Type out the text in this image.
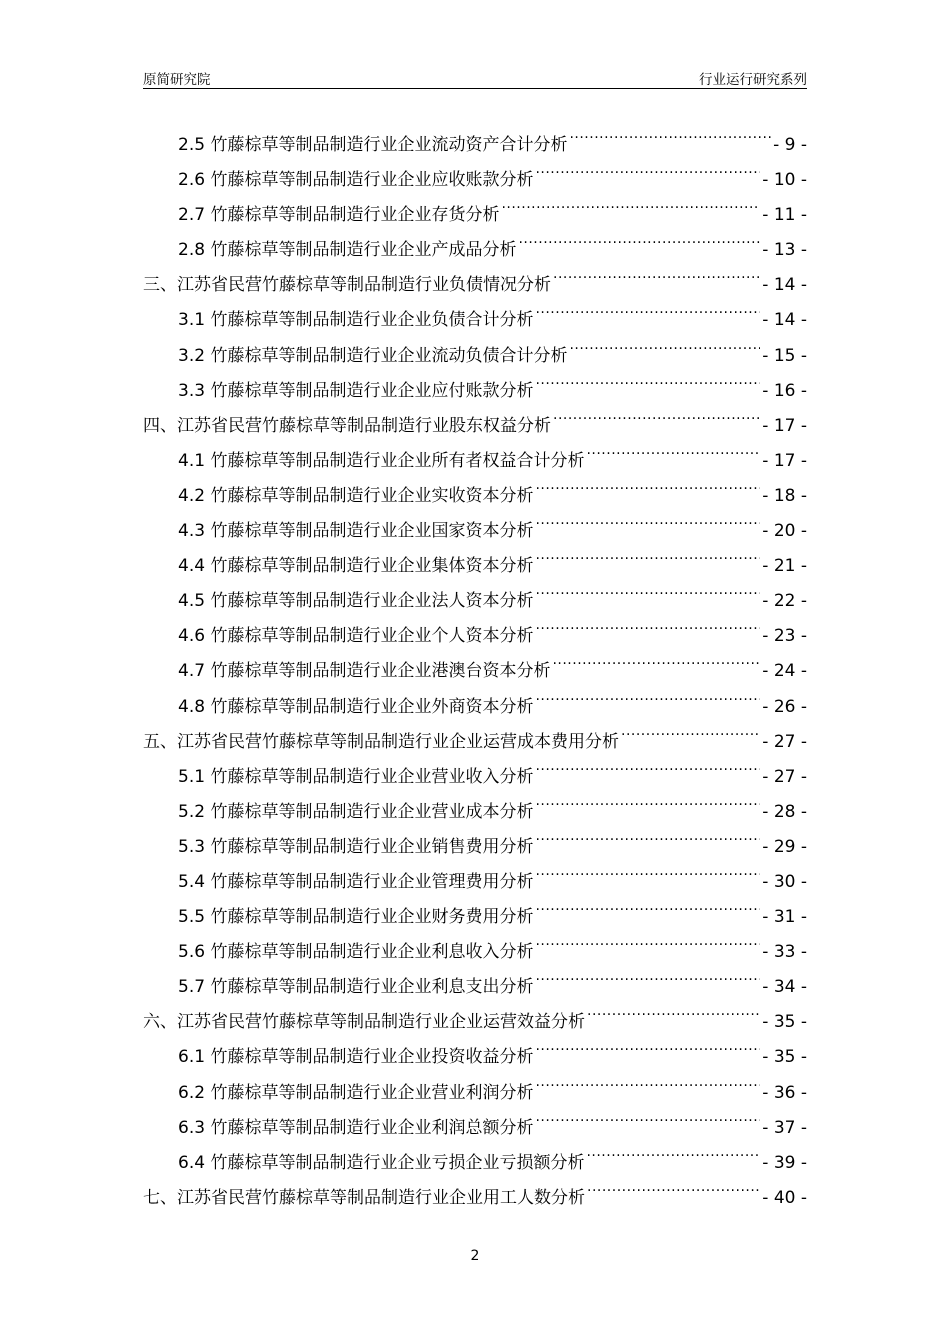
原简研究院	行业运行研究系列
2.5 竹藤棕草等制品制造行业企业流动资产合计分析 .....	- 9 -
2.6 竹藤棕草等制品制造行业企业应收账款分析 .....	- 10 -
2.7 竹藤棕草等制品制造行业企业存货分析 .....	- 11 -
2.8 竹藤棕草等制品制造行业企业产成品分析 .....	- 13 -
三、江苏省民营竹藤棕草等制品制造行业负债情况分析 .....	- 14 -
3.1 竹藤棕草等制品制造行业企业负债合计分析 .....	- 14 -
3.2 竹藤棕草等制品制造行业企业流动负债合计分析 .....	- 15 -
3.3 竹藤棕草等制品制造行业企业应付账款分析 .....	- 16 -
四、江苏省民营竹藤棕草等制品制造行业股东权益分析 .....	- 17 -
4.1 竹藤棕草等制品制造行业企业所有者权益合计分析 .....	- 17 -
4.2 竹藤棕草等制品制造行业企业实收资本分析 .....	- 18 -
4.3 竹藤棕草等制品制造行业企业国家资本分析 .....	- 20 -
4.4 竹藤棕草等制品制造行业企业集体资本分析 .....	- 21 -
4.5 竹藤棕草等制品制造行业企业法人资本分析 .....	- 22 -
4.6 竹藤棕草等制品制造行业企业个人资本分析 .....	- 23 -
4.7 竹藤棕草等制品制造行业企业港澳台资本分析 .....	- 24 -
4.8 竹藤棕草等制品制造行业企业外商资本分析 .....	- 26 -
五、江苏省民营竹藤棕草等制品制造行业企业运营成本费用分析 .....	- 27 -
5.1 竹藤棕草等制品制造行业企业营业收入分析 .....	- 27 -
5.2 竹藤棕草等制品制造行业企业营业成本分析 .....	- 28 -
5.3 竹藤棕草等制品制造行业企业销售费用分析 .....	- 29 -
5.4 竹藤棕草等制品制造行业企业管理费用分析 .....	- 30 -
5.5 竹藤棕草等制品制造行业企业财务费用分析 .....	- 31 -
5.6 竹藤棕草等制品制造行业企业利息收入分析 .....	- 33 -
5.7 竹藤棕草等制品制造行业企业利息支出分析 .....	- 34 -
六、江苏省民营竹藤棕草等制品制造行业企业运营效益分析 .....	- 35 -
6.1 竹藤棕草等制品制造行业企业投资收益分析 .....	- 35 -
6.2 竹藤棕草等制品制造行业企业营业利润分析 .....	- 36 -
6.3 竹藤棕草等制品制造行业企业利润总额分析 .....	- 37 -
6.4 竹藤棕草等制品制造行业企业亏损企业亏损额分析 .....	- 39 -
七、江苏省民营竹藤棕草等制品制造行业企业用工人数分析 .....	- 40 -
2
